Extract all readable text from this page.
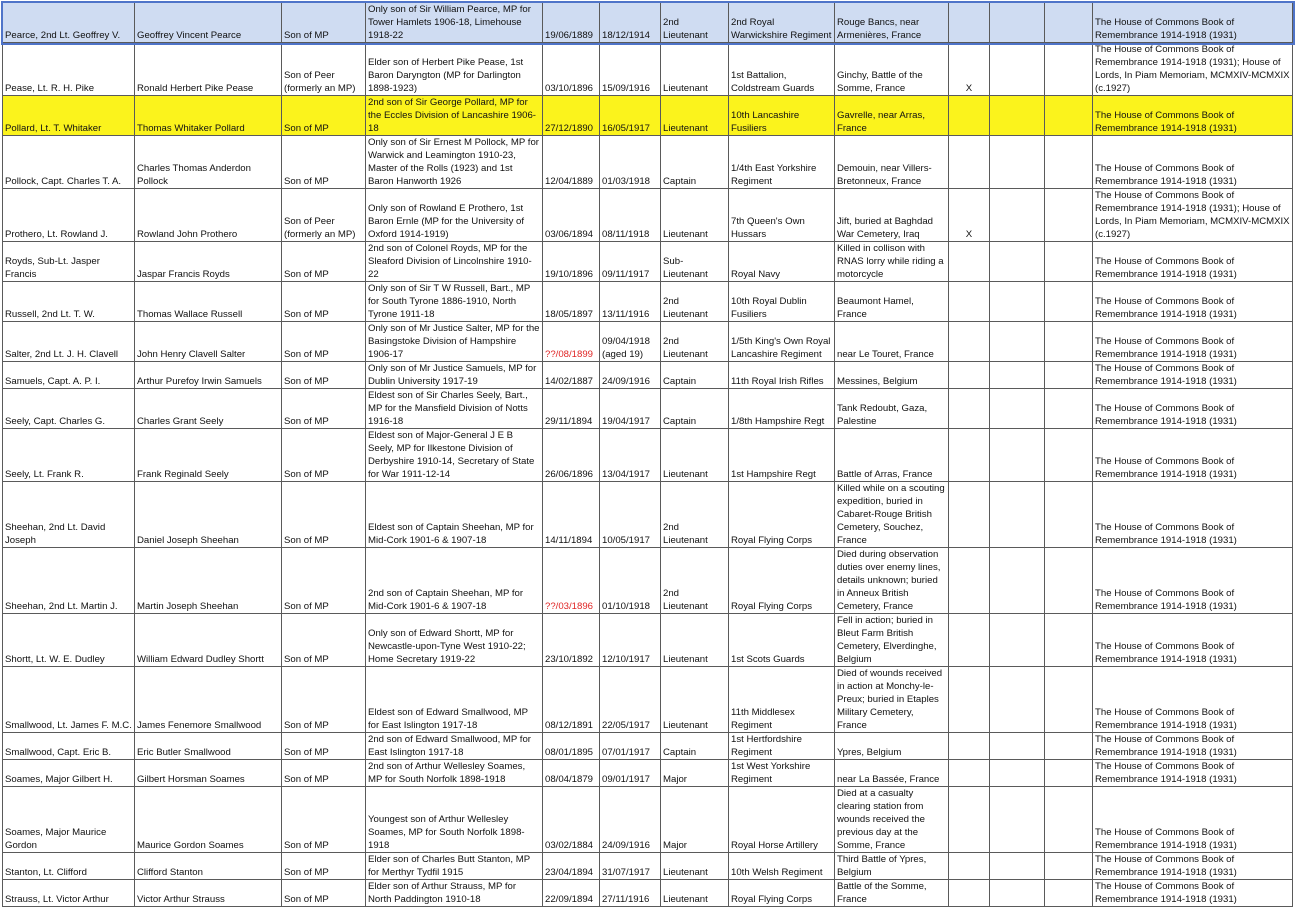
Pearce, 2nd Lt. Geoffrey V.	Geoffrey Vincent Pearce	Son of MP	Only son of Sir William Pearce, MP for Tower Hamlets 1906-18, Limehouse 1918-22	19/06/1889	18/12/1914	2nd Lieutenant	2nd Royal Warwickshire Regiment	Rouge Bancs, near Armenières, France				The House of Commons Book of Remembrance 1914-1918 (1931)
Pease, Lt. R. H. Pike	Ronald Herbert Pike Pease	Son of Peer (formerly an MP)	Elder son of Herbert Pike Pease, 1st Baron Daryngton (MP for Darlington 1898-1923)	03/10/1896	15/09/1916	Lieutenant	1st Battalion, Coldstream Guards	Ginchy, Battle of the Somme, France	X			The House of Commons Book of Remembrance 1914-1918 (1931); House of Lords, In Piam Memoriam, MCMXIV-MCMXIX (c.1927)
Pollard, Lt. T. Whitaker	Thomas Whitaker Pollard	Son of MP	2nd son of Sir George Pollard, MP for the Eccles Division of Lancashire 1906-18	27/12/1890	16/05/1917	Lieutenant	10th Lancashire Fusiliers	Gavrelle, near Arras, France				The House of Commons Book of Remembrance 1914-1918 (1931)
Pollock, Capt. Charles T. A.	Charles Thomas Anderdon Pollock	Son of MP	Only son of Sir Ernest M Pollock, MP for Warwick and Leamington 1910-23, Master of the Rolls (1923) and 1st Baron Hanworth 1926	12/04/1889	01/03/1918	Captain	1/4th East Yorkshire Regiment	Demouin, near Villers-Bretonneux, France				The House of Commons Book of Remembrance 1914-1918 (1931)
Prothero, Lt. Rowland J.	Rowland John Prothero	Son of Peer (formerly an MP)	Only son of Rowland E Prothero, 1st Baron Ernle (MP for the University of Oxford 1914-1919)	03/06/1894	08/11/1918	Lieutenant	7th Queen's Own Hussars	Jift, buried at Baghdad War Cemetery, Iraq	X			The House of Commons Book of Remembrance 1914-1918 (1931); House of Lords, In Piam Memoriam, MCMXIV-MCMXIX (c.1927)
Royds, Sub-Lt. Jasper Francis	Jaspar Francis Royds	Son of MP	2nd son of Colonel Royds, MP for the Sleaford Division of Lincolnshire 1910-22	19/10/1896	09/11/1917	Sub-Lieutenant	Royal Navy	Killed in collison with RNAS lorry while riding a motorcycle				The House of Commons Book of Remembrance 1914-1918 (1931)
Russell, 2nd Lt. T. W.	Thomas Wallace Russell	Son of MP	Only son of Sir T W Russell, Bart., MP for South Tyrone 1886-1910, North Tyrone 1911-18	18/05/1897	13/11/1916	2nd Lieutenant	10th Royal Dublin Fusiliers	Beaumont Hamel, France				The House of Commons Book of Remembrance 1914-1918 (1931)
Salter, 2nd Lt. J. H. Clavell	John Henry Clavell Salter	Son of MP	Only son of Mr Justice Salter, MP for the Basingstoke Division of Hampshire 1906-17	??/08/1899	09/04/1918 (aged 19)	2nd Lieutenant	1/5th King's Own Royal Lancashire Regiment	near Le Touret, France				The House of Commons Book of Remembrance 1914-1918 (1931)
Samuels, Capt. A. P. I.	Arthur Purefoy Irwin Samuels	Son of MP	Only son of Mr Justice Samuels, MP for Dublin University 1917-19	14/02/1887	24/09/1916	Captain	11th Royal Irish Rifles	Messines, Belgium				The House of Commons Book of Remembrance 1914-1918 (1931)
Seely, Capt. Charles G.	Charles Grant Seely	Son of MP	Eldest son of Sir Charles Seely, Bart., MP for the Mansfield Division of Notts 1916-18	29/11/1894	19/04/1917	Captain	1/8th Hampshire Regt	Tank Redoubt, Gaza, Palestine				The House of Commons Book of Remembrance 1914-1918 (1931)
Seely, Lt. Frank R.	Frank Reginald Seely	Son of MP	Eldest son of Major-General J E B Seely, MP for Ilkestone Division of Derbyshire 1910-14, Secretary of State for War 1911-12-14	26/06/1896	13/04/1917	Lieutenant	1st Hampshire Regt	Battle of Arras, France				The House of Commons Book of Remembrance 1914-1918 (1931)
Sheehan, 2nd Lt. David Joseph	Daniel Joseph Sheehan	Son of MP	Eldest son of Captain Sheehan, MP for Mid-Cork 1901-6 & 1907-18	14/11/1894	10/05/1917	2nd Lieutenant	Royal Flying Corps	Killed while on a scouting expedition, buried in Cabaret-Rouge British Cemetery, Souchez, France				The House of Commons Book of Remembrance 1914-1918 (1931)
Sheehan, 2nd Lt. Martin J.	Martin Joseph Sheehan	Son of MP	2nd son of Captain Sheehan, MP for Mid-Cork 1901-6 & 1907-18	??/03/1896	01/10/1918	2nd Lieutenant	Royal Flying Corps	Died during observation duties over enemy lines, details unknown; buried in Anneux British Cemetery, France				The House of Commons Book of Remembrance 1914-1918 (1931)
Shortt, Lt. W. E. Dudley	William Edward Dudley Shortt	Son of MP	Only son of Edward Shortt, MP for Newcastle-upon-Tyne West 1910-22; Home Secretary 1919-22	23/10/1892	12/10/1917	Lieutenant	1st Scots Guards	Fell in action; buried in Bleut Farm British Cemetery, Elverdinghe, Belgium				The House of Commons Book of Remembrance 1914-1918 (1931)
Smallwood, Lt. James F. M.C.	James Fenemore Smallwood	Son of MP	Eldest son of Edward Smallwood, MP for East Islington 1917-18	08/12/1891	22/05/1917	Lieutenant	11th Middlesex Regiment	Died of wounds received in action at Monchy-le-Preux; buried in Etaples Military Cemetery, France				The House of Commons Book of Remembrance 1914-1918 (1931)
Smallwood, Capt. Eric B.	Eric Butler Smallwood	Son of MP	2nd son of Edward Smallwood, MP for East Islington 1917-18	08/01/1895	07/01/1917	Captain	1st Hertfordshire Regiment	Ypres, Belgium				The House of Commons Book of Remembrance 1914-1918 (1931)
Soames, Major Gilbert H.	Gilbert Horsman Soames	Son of MP	2nd son of Arthur Wellesley Soames, MP for South Norfolk 1898-1918	08/04/1879	09/01/1917	Major	1st West Yorkshire Regiment	near La Bassée, France				The House of Commons Book of Remembrance 1914-1918 (1931)
Soames, Major Maurice Gordon	Maurice Gordon Soames	Son of MP	Youngest son of Arthur Wellesley Soames, MP for South Norfolk 1898-1918	03/02/1884	24/09/1916	Major	Royal Horse Artillery	Died at a casualty clearing station from wounds received the previous day at the Somme, France				The House of Commons Book of Remembrance 1914-1918 (1931)
Stanton, Lt. Clifford	Clifford Stanton	Son of MP	Elder son of Charles Butt Stanton, MP for Merthyr Tydfil 1915	23/04/1894	31/07/1917	Lieutenant	10th Welsh Regiment	Third Battle of Ypres, Belgium				The House of Commons Book of Remembrance 1914-1918 (1931)
Strauss, Lt. Victor Arthur	Victor Arthur Strauss	Son of MP	Elder son of Arthur Strauss, MP for North Paddington 1910-18	22/09/1894	27/11/1916	Lieutenant	Royal Flying Corps	Battle of the Somme, France				The House of Commons Book of Remembrance 1914-1918 (1931)
